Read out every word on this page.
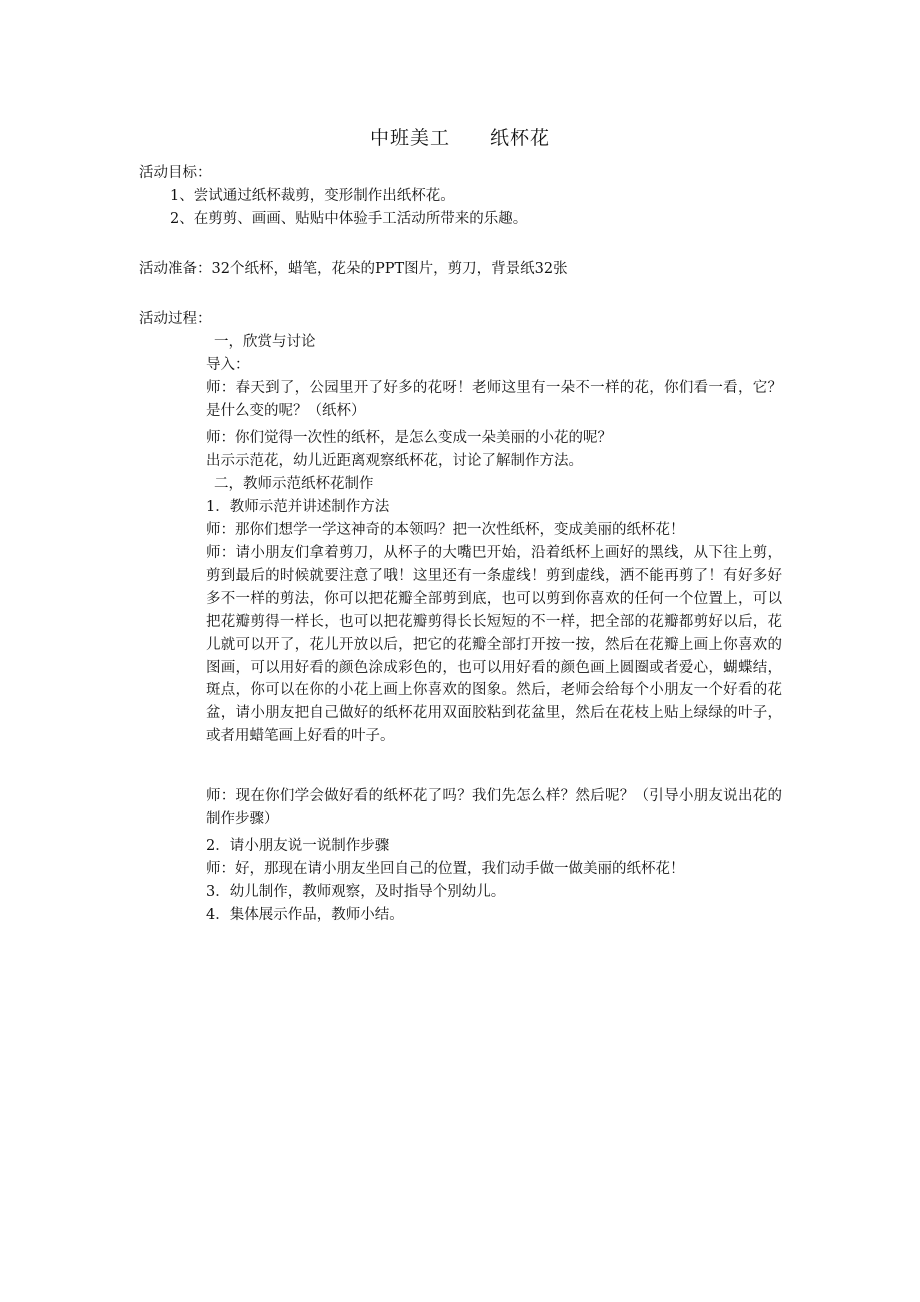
中班美工　　纸杯花
活动目标：
1、尝试通过纸杯裁剪，变形制作出纸杯花。
2、在剪剪、画画、贴贴中体验手工活动所带来的乐趣。
活动准备：32个纸杯，蜡笔，花朵的PPT图片，剪刀，背景纸32张
活动过程：
一，欣赏与讨论
导入：
师：春天到了，公园里开了好多的花呀！老师这里有一朵不一样的花，你们看一看，它？是什么变的呢？（纸杯）
师：你们觉得一次性的纸杯，是怎么变成一朵美丽的小花的呢？
出示示范花，幼儿近距离观察纸杯花，讨论了解制作方法。
二，教师示范纸杯花制作
1．教师示范并讲述制作方法
师：那你们想学一学这神奇的本领吗？把一次性纸杯，变成美丽的纸杯花！
师：请小朋友们拿着剪刀，从杯子的大嘴巴开始，沿着纸杯上画好的黑线，从下往上剪，剪到最后的时候就要注意了哦！这里还有一条虚线！剪到虚线，洒不能再剪了！有好多好多不一样的剪法，你可以把花瓣全部剪到底，也可以剪到你喜欢的任何一个位置上，可以把花瓣剪得一样长，也可以把花瓣剪得长长短短的不一样，把全部的花瓣都剪好以后，花儿就可以开了，花儿开放以后，把它的花瓣全部打开按一按，然后在花瓣上画上你喜欢的图画，可以用好看的颜色涂成彩色的，也可以用好看的颜色画上圆圈或者爱心，蝴蝶结，斑点，你可以在你的小花上画上你喜欢的图象。然后，老师会给每个小朋友一个好看的花盆，请小朋友把自己做好的纸杯花用双面胶粘到花盆里，然后在花枝上贴上绿绿的叶子，或者用蜡笔画上好看的叶子。
师：现在你们学会做好看的纸杯花了吗？我们先怎么样？然后呢？（引导小朋友说出花的制作步骤）
2．请小朋友说一说制作步骤
师：好，那现在请小朋友坐回自己的位置，我们动手做一做美丽的纸杯花！
3．幼儿制作，教师观察，及时指导个别幼儿。
4．集体展示作品，教师小结。
